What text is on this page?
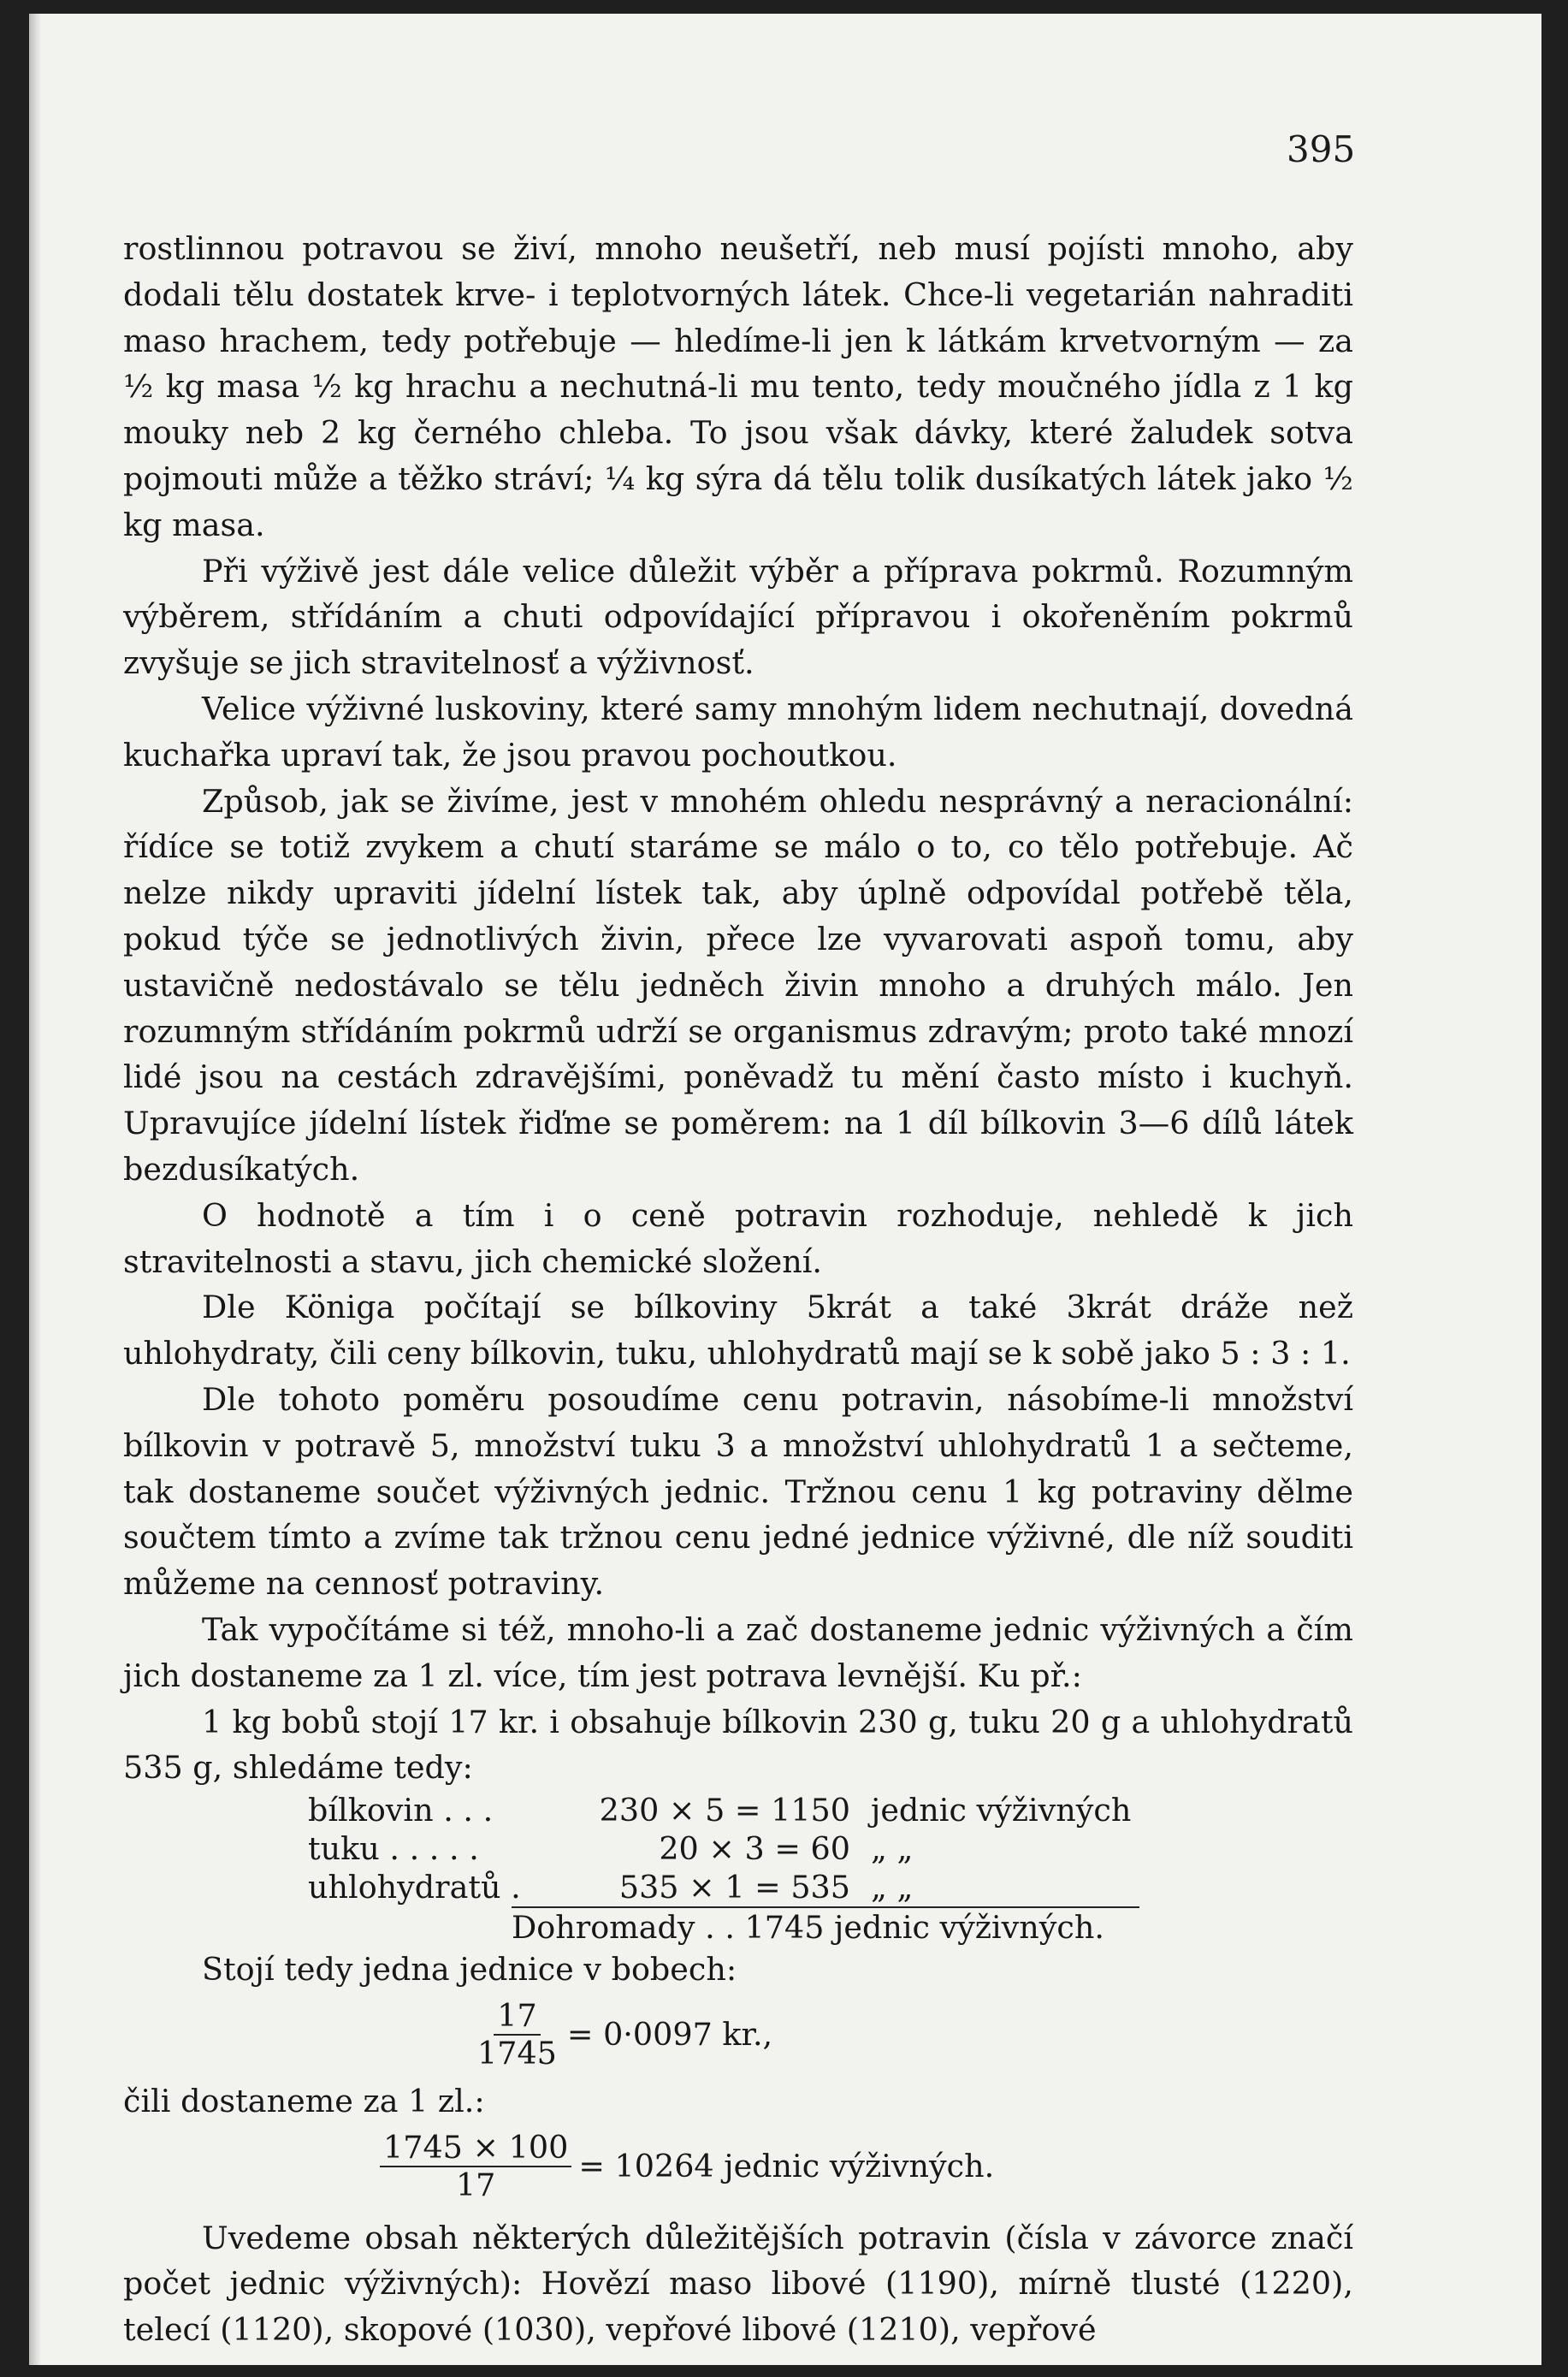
395

rostlinnou potravou se živí, mnoho neušetří, neb musí pojísti mnoho, aby dodali tělu dostatek krve- i teplotvorných látek. Chce-li vegetarián nahraditi maso hrachem, tedy potřebuje — hledíme-li jen k látkám krvetvorným — za ½ kg masa ½ kg hrachu a nechutná-li mu tento, tedy moučného jídla z 1 kg mouky neb 2 kg černého chleba. To jsou však dávky, které žaludek sotva pojmouti může a těžko stráví; ¼ kg sýra dá tělu tolik dusíkatých látek jako ½ kg masa.

Při výživě jest dále velice důležit výběr a příprava pokrmů. Rozumným výběrem, střídáním a chuti odpovídající přípravou i okořeněním pokrmů zvyšuje se jich stravitelnosť a výživnosť.

Velice výživné luskoviny, které samy mnohým lidem nechutnají, dovedná kuchařka upraví tak, že jsou pravou pochoutkou.

Způsob, jak se živíme, jest v mnohém ohledu nesprávný a neracionální: řídíce se totiž zvykem a chutí staráme se málo o to, co tělo potřebuje. Ač nelze nikdy upraviti jídelní lístek tak, aby úplně odpovídal potřebě těla, pokud týče se jednotlivých živin, přece lze vyvarovati aspoň tomu, aby ustavičně nedostávalo se tělu jedněch živin mnoho a druhých málo. Jen rozumným střídáním pokrmů udrží se organismus zdravým; proto také mnozí lidé jsou na cestách zdravějšími, poněvadž tu mění často místo i kuchyň. Upravujíce jídelní lístek řiďme se poměrem: na 1 díl bílkovin 3—6 dílů látek bezdusíkatých.

O hodnotě a tím i o ceně potravin rozhoduje, nehledě k jich stravitelnosti a stavu, jich chemické složení.

Dle Königa počítají se bílkoviny 5krát a také 3krát dráže než uhlohydraty, čili ceny bílkovin, tuku, uhlohydratů mají se k sobě jako 5 : 3 : 1.

Dle tohoto poměru posoudíme cenu potravin, násobíme-li množství bílkovin v potravě 5, množství tuku 3 a množství uhlohydratů 1 a sečteme, tak dostaneme součet výživných jednic. Tržnou cenu 1 kg potraviny dělme součtem tímto a zvíme tak tržnou cenu jedné jednice výživné, dle níž souditi můžeme na cennosť potraviny.

Tak vypočítáme si též, mnoho-li a zač dostaneme jednic výživných a čím jich dostaneme za 1 zl. více, tím jest potrava levnější. Ku př.:

1 kg bobů stojí 17 kr. i obsahuje bílkovin 230 g, tuku 20 g a uhlohydratů 535 g, shledáme tedy:

bílkovin . . .	230 × 5 = 1150 jednic výživných
tuku . . . . .	20 × 3 = 60 „ „
uhlohydratů .	535 × 1 = 535 „ „
Dohromady . . 1745 jednic výživných.

Stojí tedy jedna jednice v bobech:

$\frac{17}{1745} = 0\cdot 0097$ kr.,

čili dostaneme za 1 zl.:

$\frac{1745 \times 100}{17} = 10264$ jednic výživných.

Uvedeme obsah některých důležitějších potravin (čísla v závorce značí počet jednic výživných): Hovězí maso libové (1190), mírně tlusté (1220), telecí (1120), skopové (1030), vepřové libové (1210), vepřové
